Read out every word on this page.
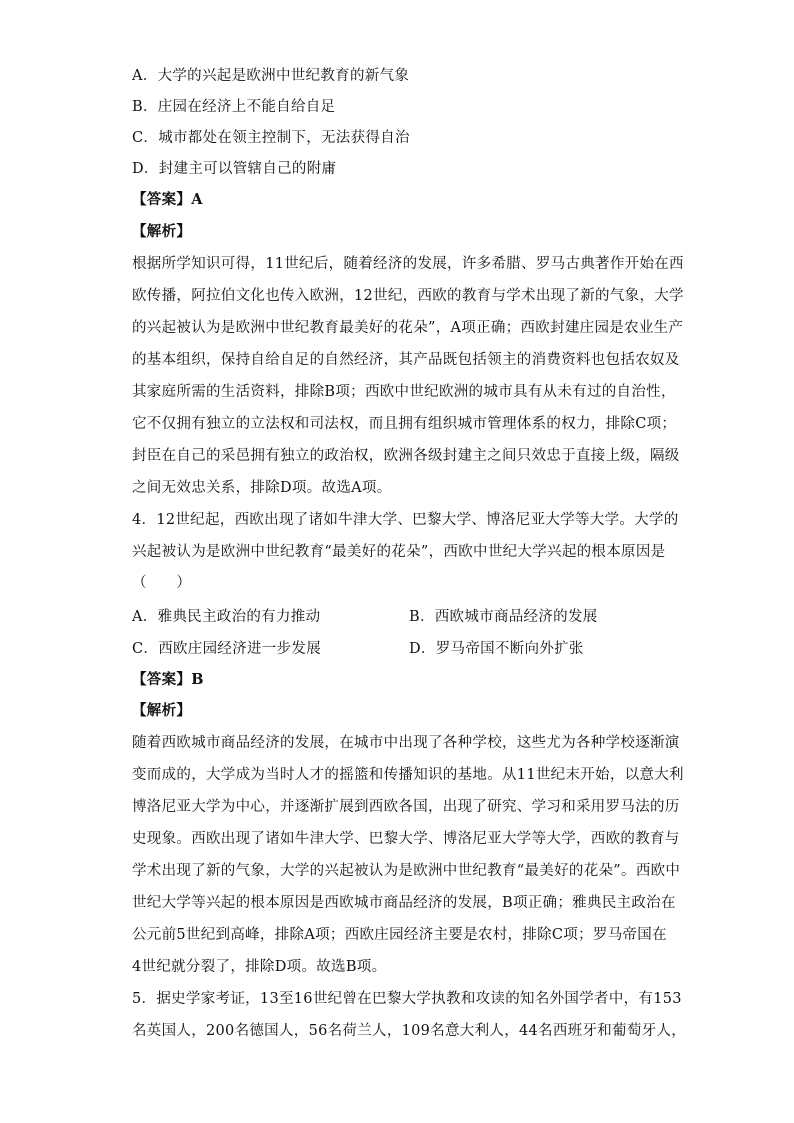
A．大学的兴起是欧洲中世纪教育的新气象
B．庄园在经济上不能自给自足
C．城市都处在领主控制下，无法获得自治
D．封建主可以管辖自己的附庸
【答案】A
【解析】
根据所学知识可得，11世纪后，随着经济的发展，许多希腊、罗马古典著作开始在西
欧传播，阿拉伯文化也传入欧洲，12世纪，西欧的教育与学术出现了新的气象，大学
的兴起被认为是欧洲中世纪教育最美好的花朵”，A项正确；西欧封建庄园是农业生产
的基本组织，保持自给自足的自然经济，其产品既包括领主的消费资料也包括农奴及
其家庭所需的生活资料，排除B项；西欧中世纪欧洲的城市具有从未有过的自治性，
它不仅拥有独立的立法权和司法权，而且拥有组织城市管理体系的权力，排除C项；
封臣在自己的采邑拥有独立的政治权，欧洲各级封建主之间只效忠于直接上级，隔级
之间无效忠关系，排除D项。故选A项。
4．12世纪起，西欧出现了诸如牛津大学、巴黎大学、博洛尼亚大学等大学。大学的
兴起被认为是欧洲中世纪教育“最美好的花朵”，西欧中世纪大学兴起的根本原因是
（　　）
A．雅典民主政治的有力推动	B．西欧城市商品经济的发展
C．西欧庄园经济进一步发展	D．罗马帝国不断向外扩张
【答案】B
【解析】
随着西欧城市商品经济的发展，在城市中出现了各种学校，这些尤为各种学校逐渐演
变而成的，大学成为当时人才的摇篮和传播知识的基地。从11世纪末开始，以意大利
博洛尼亚大学为中心，并逐渐扩展到西欧各国，出现了研究、学习和采用罗马法的历
史现象。西欧出现了诸如牛津大学、巴黎大学、博洛尼亚大学等大学，西欧的教育与
学术出现了新的气象，大学的兴起被认为是欧洲中世纪教育“最美好的花朵”。西欧中
世纪大学等兴起的根本原因是西欧城市商品经济的发展，B项正确；雅典民主政治在
公元前5世纪到高峰，排除A项；西欧庄园经济主要是农村，排除C项；罗马帝国在
4世纪就分裂了，排除D项。故选B项。
5．据史学家考证，13至16世纪曾在巴黎大学执教和攻读的知名外国学者中，有153
名英国人，200名德国人，56名荷兰人，109名意大利人，44名西班牙和葡萄牙人，
